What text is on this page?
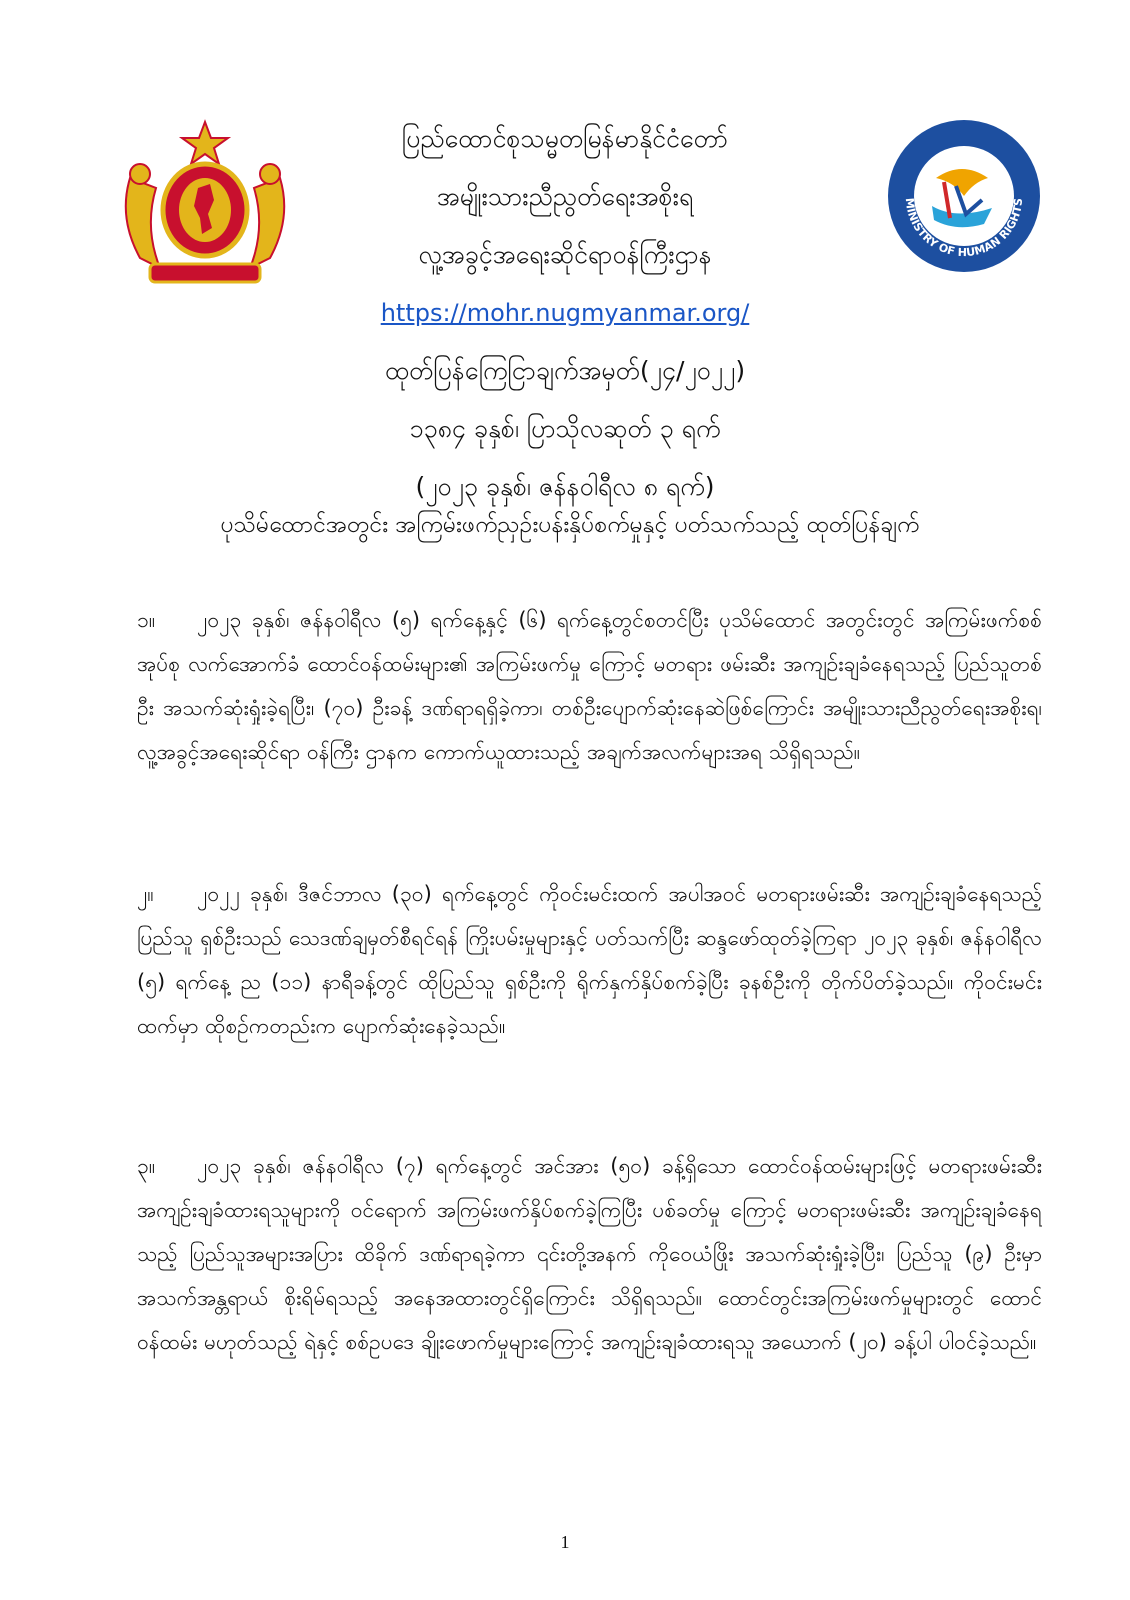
MINISTRY OF HUMAN RIGHTS
ပြည်ထောင်စုသမ္မတမြန်မာနိုင်ငံတော်
အမျိုးသားညီညွတ်ရေးအစိုးရ
လူ့အခွင့်အရေးဆိုင်ရာဝန်ကြီးဌာန
https://mohr.nugmyanmar.org/
ထုတ်ပြန်ကြေငြာချက်အမှတ်(၂၄/၂၀၂၂)
၁၃၈၄ ခုနှစ်၊ ပြာသိုလဆုတ် ၃ ရက်
(၂၀၂၃ ခုနှစ်၊ ဇန်နဝါရီလ ၈ ရက်)
ပုသိမ်ထောင်အတွင်း အကြမ်းဖက်ညှဉ်းပန်းနှိပ်စက်မှုနှင့် ပတ်သက်သည့် ထုတ်ပြန်ချက်
၁။ ၂၀၂၃ ခုနှစ်၊ ဇန်နဝါရီလ (၅) ရက်နေ့နှင့် (၆) ရက်နေ့တွင်စတင်ပြီး ပုသိမ်ထောင် အတွင်းတွင် အကြမ်းဖက်စစ်အုပ်စု လက်အောက်ခံ ထောင်ဝန်ထမ်းများ၏ အကြမ်းဖက်မှု ကြောင့် မတရား ဖမ်းဆီး အကျဉ်းချခံနေရသည့် ပြည်သူတစ်ဦး အသက်ဆုံးရှုံးခဲ့ရပြီး၊ (၇၀) ဦးခန့် ဒဏ်ရာရရှိခဲ့ကာ၊ တစ်ဦးပျောက်ဆုံးနေဆဲဖြစ်ကြောင်း အမျိုးသားညီညွတ်ရေးအစိုးရ၊ လူ့အခွင့်အရေးဆိုင်ရာ ဝန်ကြီး ဌာနက ကောက်ယူထားသည့် အချက်အလက်များအရ သိရှိရသည်။
၂။ ၂၀၂၂ ခုနှစ်၊ ဒီဇင်ဘာလ (၃၀) ရက်နေ့တွင် ကိုဝင်းမင်းထက် အပါအဝင် မတရားဖမ်းဆီး အကျဉ်းချခံနေရသည့် ပြည်သူ ရှစ်ဦးသည် သေဒဏ်ချမှတ်စီရင်ရန် ကြိုးပမ်းမှုများနှင့် ပတ်သက်ပြီး ဆန္ဒဖော်ထုတ်ခဲ့ကြရာ ၂၀၂၃ ခုနှစ်၊ ဇန်နဝါရီလ (၅) ရက်နေ့ ည (၁၁) နာရီခန့်တွင် ထိုပြည်သူ ရှစ်ဦးကို ရိုက်နှက်နှိပ်စက်ခဲ့ပြီး ခုနစ်ဦးကို တိုက်ပိတ်ခဲ့သည်။ ကိုဝင်းမင်းထက်မှာ ထိုစဉ်ကတည်းက ပျောက်ဆုံးနေခဲ့သည်။
၃။ ၂၀၂၃ ခုနှစ်၊ ဇန်နဝါရီလ (၇) ရက်နေ့တွင် အင်အား (၅၀) ခန့်ရှိသော ထောင်ဝန်ထမ်းများဖြင့် မတရားဖမ်းဆီး အကျဉ်းချခံထားရသူများကို ဝင်ရောက် အကြမ်းဖက်နှိပ်စက်ခဲ့ကြပြီး ပစ်ခတ်မှု ကြောင့် မတရားဖမ်းဆီး အကျဉ်းချခံနေရသည့် ပြည်သူအများအပြား ထိခိုက် ဒဏ်ရာရခဲ့ကာ ၎င်းတို့အနက် ကိုဝေယံဖြိုး အသက်ဆုံးရှုံးခဲ့ပြီး၊ ပြည်သူ (၉) ဦးမှာ အသက်အန္တရာယ် စိုးရိမ်ရသည့် အနေအထားတွင်ရှိကြောင်း သိရှိရသည်။ ထောင်တွင်းအကြမ်းဖက်မှုများတွင် ထောင်ဝန်ထမ်း မဟုတ်သည့် ရဲနှင့် စစ်ဥပဒေ ချိုးဖောက်မှုများကြောင့် အကျဉ်းချခံထားရသူ အယောက် (၂၀) ခန့်ပါ ပါဝင်ခဲ့သည်။
1
